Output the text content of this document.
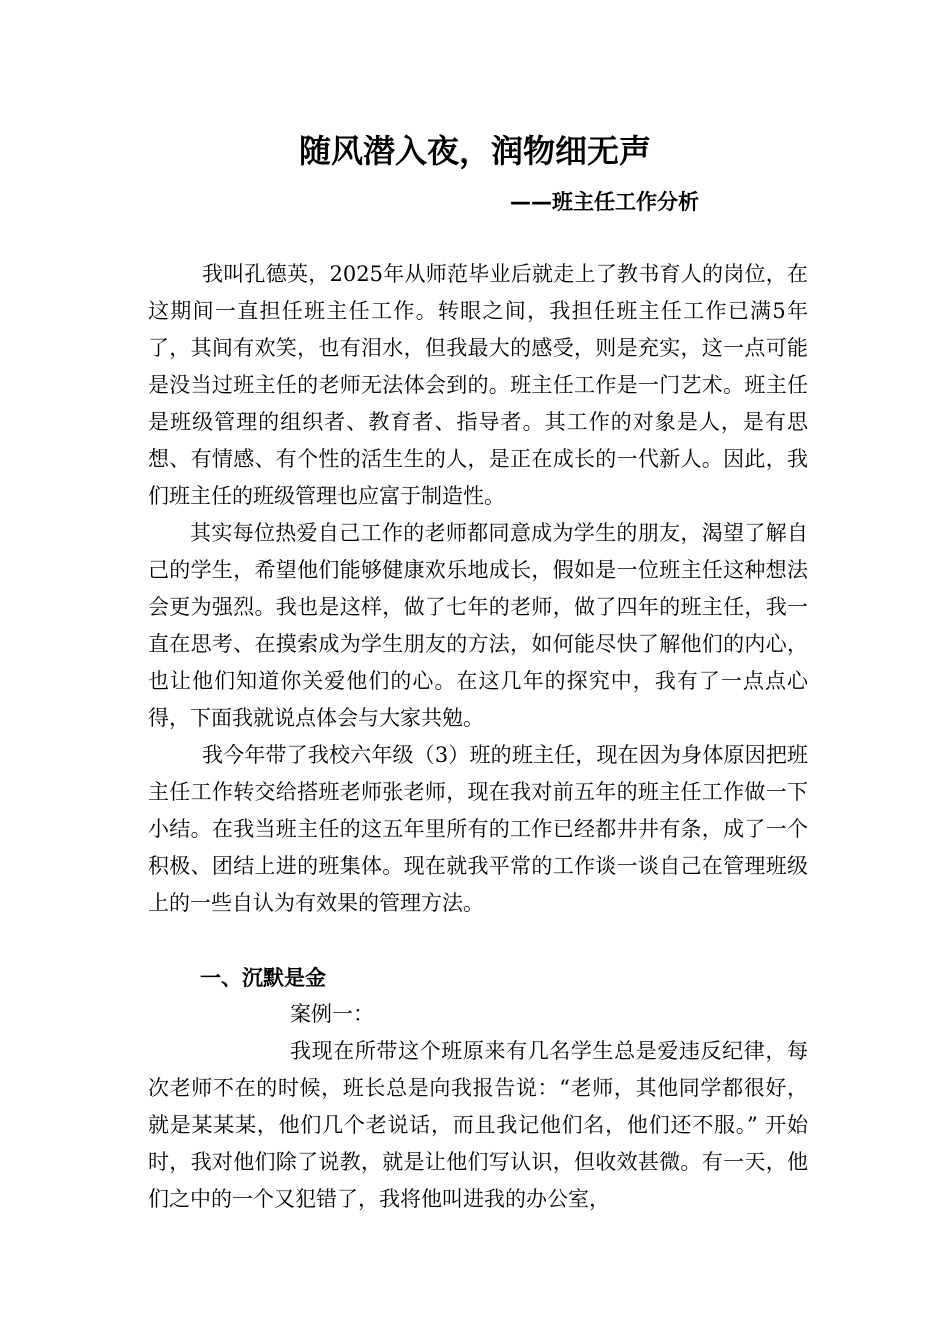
随风潜入夜，润物细无声
——班主任工作分析

我叫孔德英，2025年从师范毕业后就走上了教书育人的岗位，在这期间一直担任班主任工作。转眼之间，我担任班主任工作已满5年了，其间有欢笑，也有泪水，但我最大的感受，则是充实，这一点可能是没当过班主任的老师无法体会到的。班主任工作是一门艺术。班主任是班级管理的组织者、教育者、指导者。其工作的对象是人，是有思想、有情感、有个性的活生生的人，是正在成长的一代新人。因此，我们班主任的班级管理也应富于制造性。

其实每位热爱自己工作的老师都同意成为学生的朋友，渴望了解自己的学生，希望他们能够健康欢乐地成长，假如是一位班主任这种想法会更为强烈。我也是这样，做了七年的老师，做了四年的班主任，我一直在思考、在摸索成为学生朋友的方法，如何能尽快了解他们的内心，也让他们知道你关爱他们的心。在这几年的探究中，我有了一点点心得，下面我就说点体会与大家共勉。

我今年带了我校六年级（3）班的班主任，现在因为身体原因把班主任工作转交给搭班老师张老师，现在我对前五年的班主任工作做一下小结。在我当班主任的这五年里所有的工作已经都井井有条，成了一个积极、团结上进的班集体。现在就我平常的工作谈一谈自己在管理班级上的一些自认为有效果的管理方法。

一、沉默是金
案例一：

我现在所带这个班原来有几名学生总是爱违反纪律，每次老师不在的时候，班长总是向我报告说：“老师，其他同学都很好，就是某某某，他们几个老说话，而且我记他们名，他们还不服。” 开始时，我对他们除了说教，就是让他们写认识，但收效甚微。有一天，他们之中的一个又犯错了，我将他叫进我的办公室，
